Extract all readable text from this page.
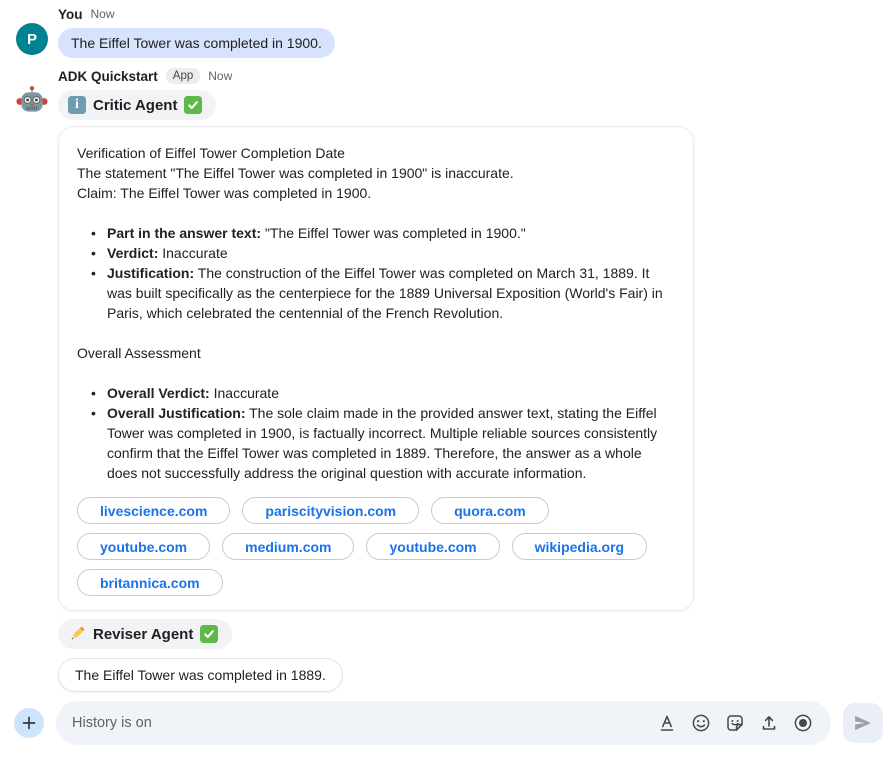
P
You Now
The Eiffel Tower was completed in 1900.
ADK Quickstart	App	Now
i Critic Agent

Verification of Eiffel Tower Completion Date

The statement "The Eiffel Tower was completed in 1900" is inaccurate.

Claim: The Eiffel Tower was completed in 1900.

• Part in the answer text: "The Eiffel Tower was completed in 1900."
• Verdict: Inaccurate
• Justification: The construction of the Eiffel Tower was completed on March 31, 1889. It was built specifically as the centerpiece for the 1889 Universal Exposition (World's Fair) in Paris, which celebrated the centennial of the French Revolution.

Overall Assessment

• Overall Verdict: Inaccurate
• Overall Justification: The sole claim made in the provided answer text, stating the Eiffel Tower was completed in 1900, is factually incorrect. Multiple reliable sources consistently confirm that the Eiffel Tower was completed in 1889. Therefore, the answer as a whole does not successfully address the original question with accurate information.
livescience.com	pariscityvision.com	quora.com
youtube.com	medium.com	youtube.com	wikipedia.org
britannica.com
Reviser Agent
The Eiffel Tower was completed in 1889.
History is on
